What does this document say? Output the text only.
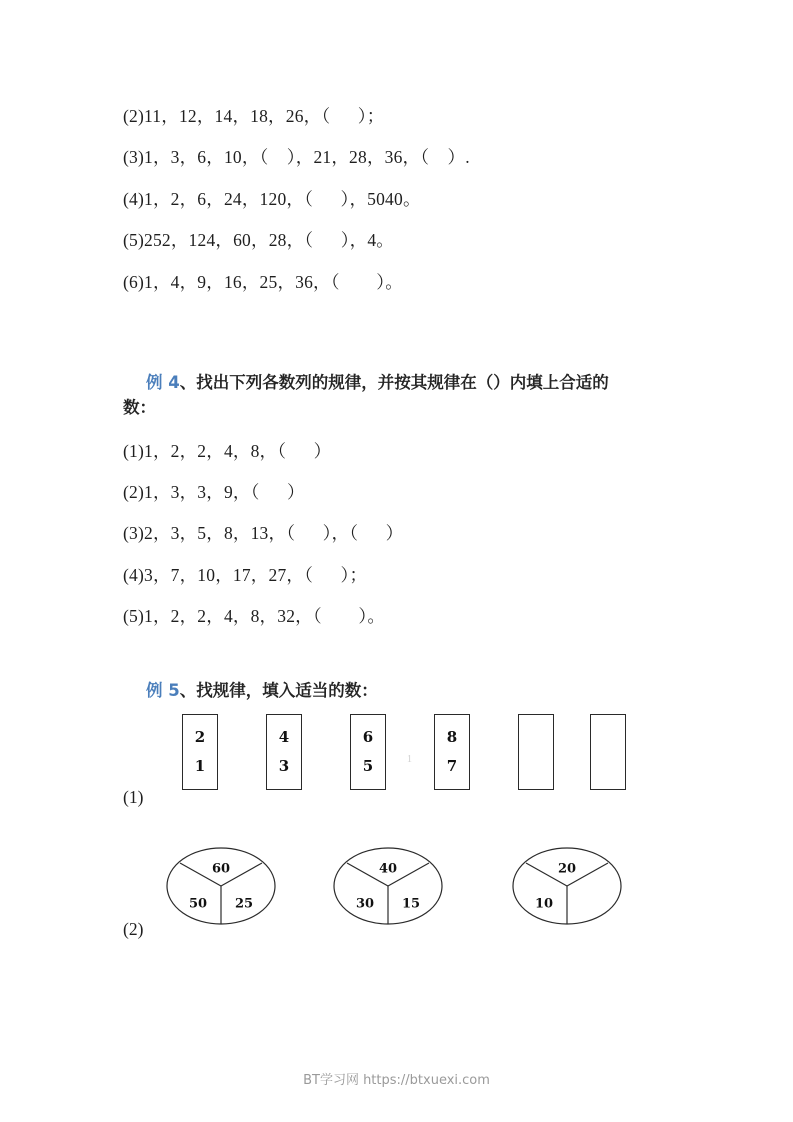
(2)11，12，14，18，26，（      ）；
(3)1，3，6，10，（    ），21，28，36，（    ）.
(4)1，2，6，24，120，（      ），5040。
(5)252，124，60，28，（      ），4。
(6)1，4，9，16，25，36，（        ）。

例 4、找出下列各数列的规律，并按其规律在（）内填上合适的

数：
(1)1，2，2，4，8，（      ）
(2)1，3，3，9，（      ）
(3)2，3，5，8，13，（      ），（      ）
(4)3，7，10，17，27，（      ）；
(5)1，2，2，4，8，32，（        ）。

例 5、找规律，填入适当的数：

(1)
2
1
4
3
6
5
8
7
1
(2)
60
50 25
40
30 15
20
10
BT学习网 https://btxuexi.com
